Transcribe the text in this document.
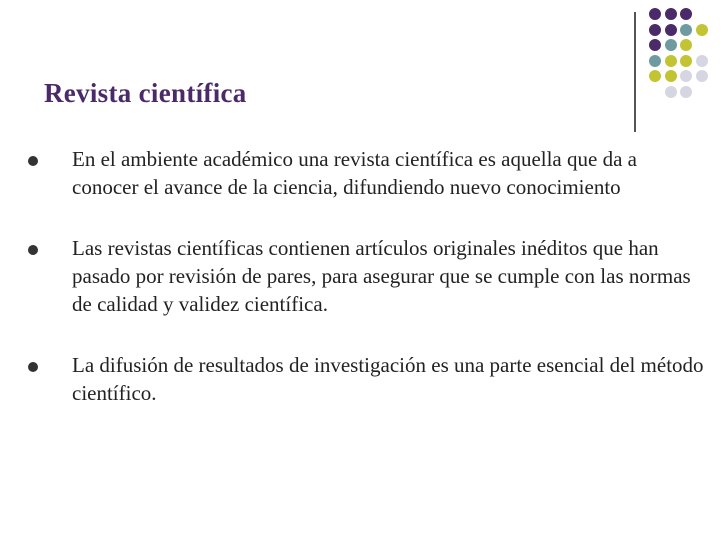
Revista científica
En el ambiente académico una revista científica es aquella que da a conocer el avance de la ciencia, difundiendo nuevo conocimiento
Las revistas científicas contienen artículos originales inéditos que han pasado por revisión de pares, para asegurar que se cumple con las normas de calidad y validez científica.
La difusión de resultados de investigación es una parte esencial del método científico.
